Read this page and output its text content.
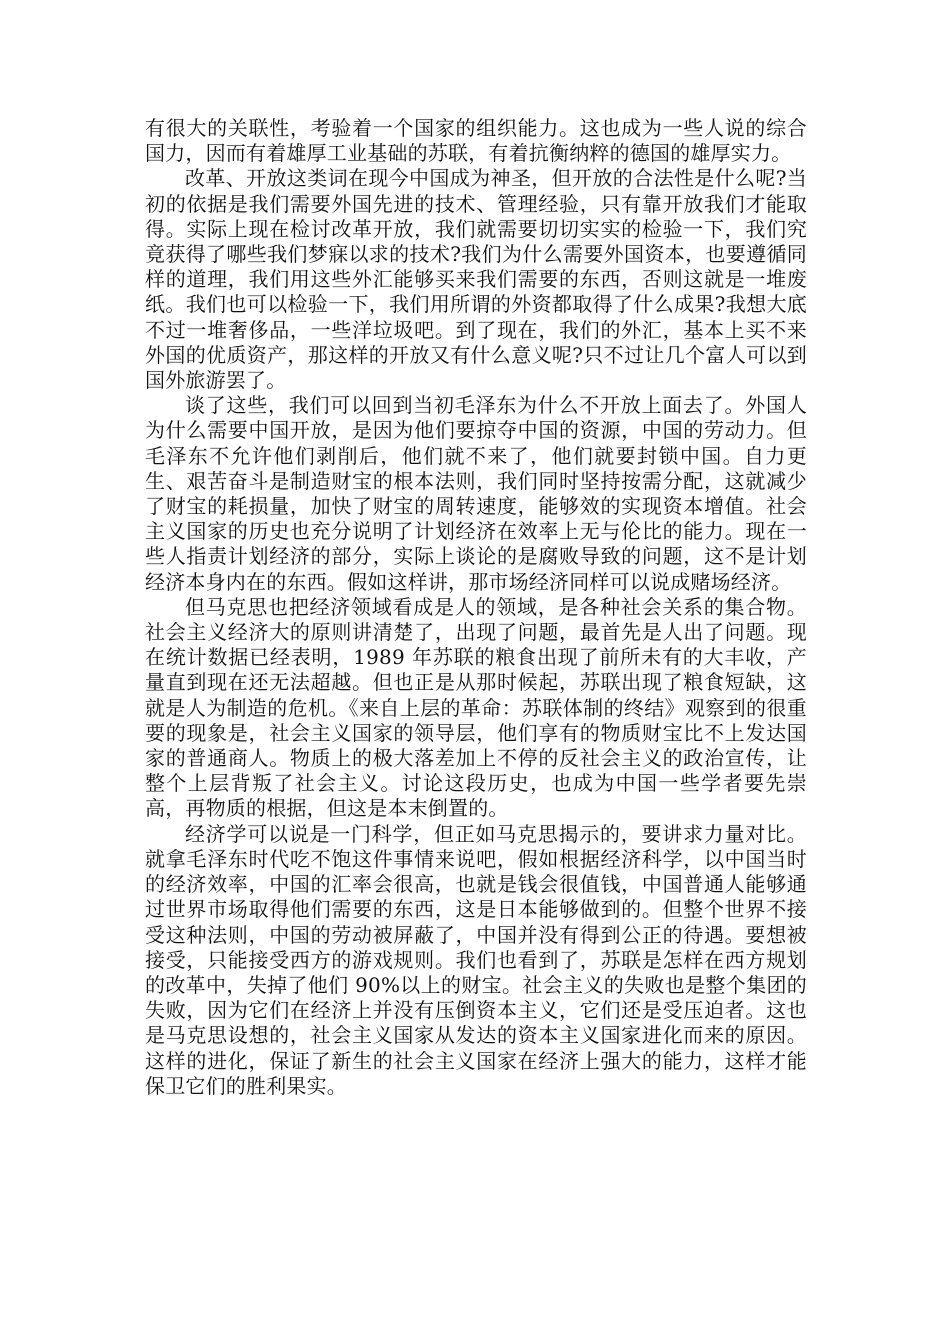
有很大的关联性，考验着一个国家的组织能力。这也成为一些人说的综合国力，因而有着雄厚工业基础的苏联，有着抗衡纳粹的德国的雄厚实力。

改革、开放这类词在现今中国成为神圣，但开放的合法性是什么呢?当初的依据是我们需要外国先进的技术、管理经验，只有靠开放我们才能取得。实际上现在检讨改革开放，我们就需要切切实实的检验一下，我们究竟获得了哪些我们梦寐以求的技术?我们为什么需要外国资本，也要遵循同样的道理，我们用这些外汇能够买来我们需要的东西，否则这就是一堆废纸。我们也可以检验一下，我们用所谓的外资都取得了什么成果?我想大底不过一堆奢侈品，一些洋垃圾吧。到了现在，我们的外汇，基本上买不来外国的优质资产，那这样的开放又有什么意义呢?只不过让几个富人可以到国外旅游罢了。

谈了这些，我们可以回到当初毛泽东为什么不开放上面去了。外国人为什么需要中国开放，是因为他们要掠夺中国的资源，中国的劳动力。但毛泽东不允许他们剥削后，他们就不来了，他们就要封锁中国。自力更生、艰苦奋斗是制造财宝的根本法则，我们同时坚持按需分配，这就减少了财宝的耗损量，加快了财宝的周转速度，能够效的实现资本增值。社会主义国家的历史也充分说明了计划经济在效率上无与伦比的能力。现在一些人指责计划经济的部分，实际上谈论的是腐败导致的问题，这不是计划经济本身内在的东西。假如这样讲，那市场经济同样可以说成赌场经济。

但马克思也把经济领域看成是人的领域，是各种社会关系的集合物。社会主义经济大的原则讲清楚了，出现了问题，最首先是人出了问题。现在统计数据已经表明，1989 年苏联的粮食出现了前所未有的大丰收，产量直到现在还无法超越。但也正是从那时候起，苏联出现了粮食短缺，这就是人为制造的危机。《来自上层的革命：苏联体制的终结》观察到的很重要的现象是，社会主义国家的领导层，他们享有的物质财宝比不上发达国家的普通商人。物质上的极大落差加上不停的反社会主义的政治宣传，让整个上层背叛了社会主义。讨论这段历史，也成为中国一些学者要先崇高，再物质的根据，但这是本末倒置的。

经济学可以说是一门科学，但正如马克思揭示的，要讲求力量对比。就拿毛泽东时代吃不饱这件事情来说吧，假如根据经济科学，以中国当时的经济效率，中国的汇率会很高，也就是钱会很值钱，中国普通人能够通过世界市场取得他们需要的东西，这是日本能够做到的。但整个世界不接受这种法则，中国的劳动被屏蔽了，中国并没有得到公正的待遇。要想被接受，只能接受西方的游戏规则。我们也看到了，苏联是怎样在西方规划的改革中，失掉了他们 90%以上的财宝。社会主义的失败也是整个集团的失败，因为它们在经济上并没有压倒资本主义，它们还是受压迫者。这也是马克思设想的，社会主义国家从发达的资本主义国家进化而来的原因。这样的进化，保证了新生的社会主义国家在经济上强大的能力，这样才能保卫它们的胜利果实。
